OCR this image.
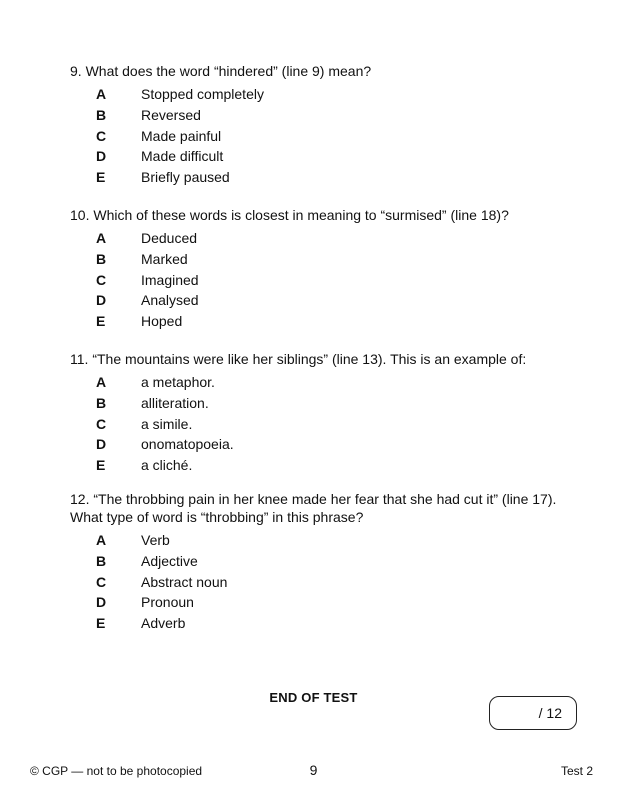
9. What does the word “hindered” (line 9) mean?
A	Stopped completely
B	Reversed
C	Made painful
D	Made difficult
E	Briefly paused
10. Which of these words is closest in meaning to “surmised” (line 18)?
A	Deduced
B	Marked
C	Imagined
D	Analysed
E	Hoped
11. “The mountains were like her siblings” (line 13). This is an example of:
A	a metaphor.
B	alliteration.
C	a simile.
D	onomatopoeia.
E	a cliché.
12. “The throbbing pain in her knee made her fear that she had cut it” (line 17).
What type of word is “throbbing” in this phrase?
A	Verb
B	Adjective
C	Abstract noun
D	Pronoun
E	Adverb
END OF TEST
/ 12
© CGP — not to be photocopied	9	Test 2
